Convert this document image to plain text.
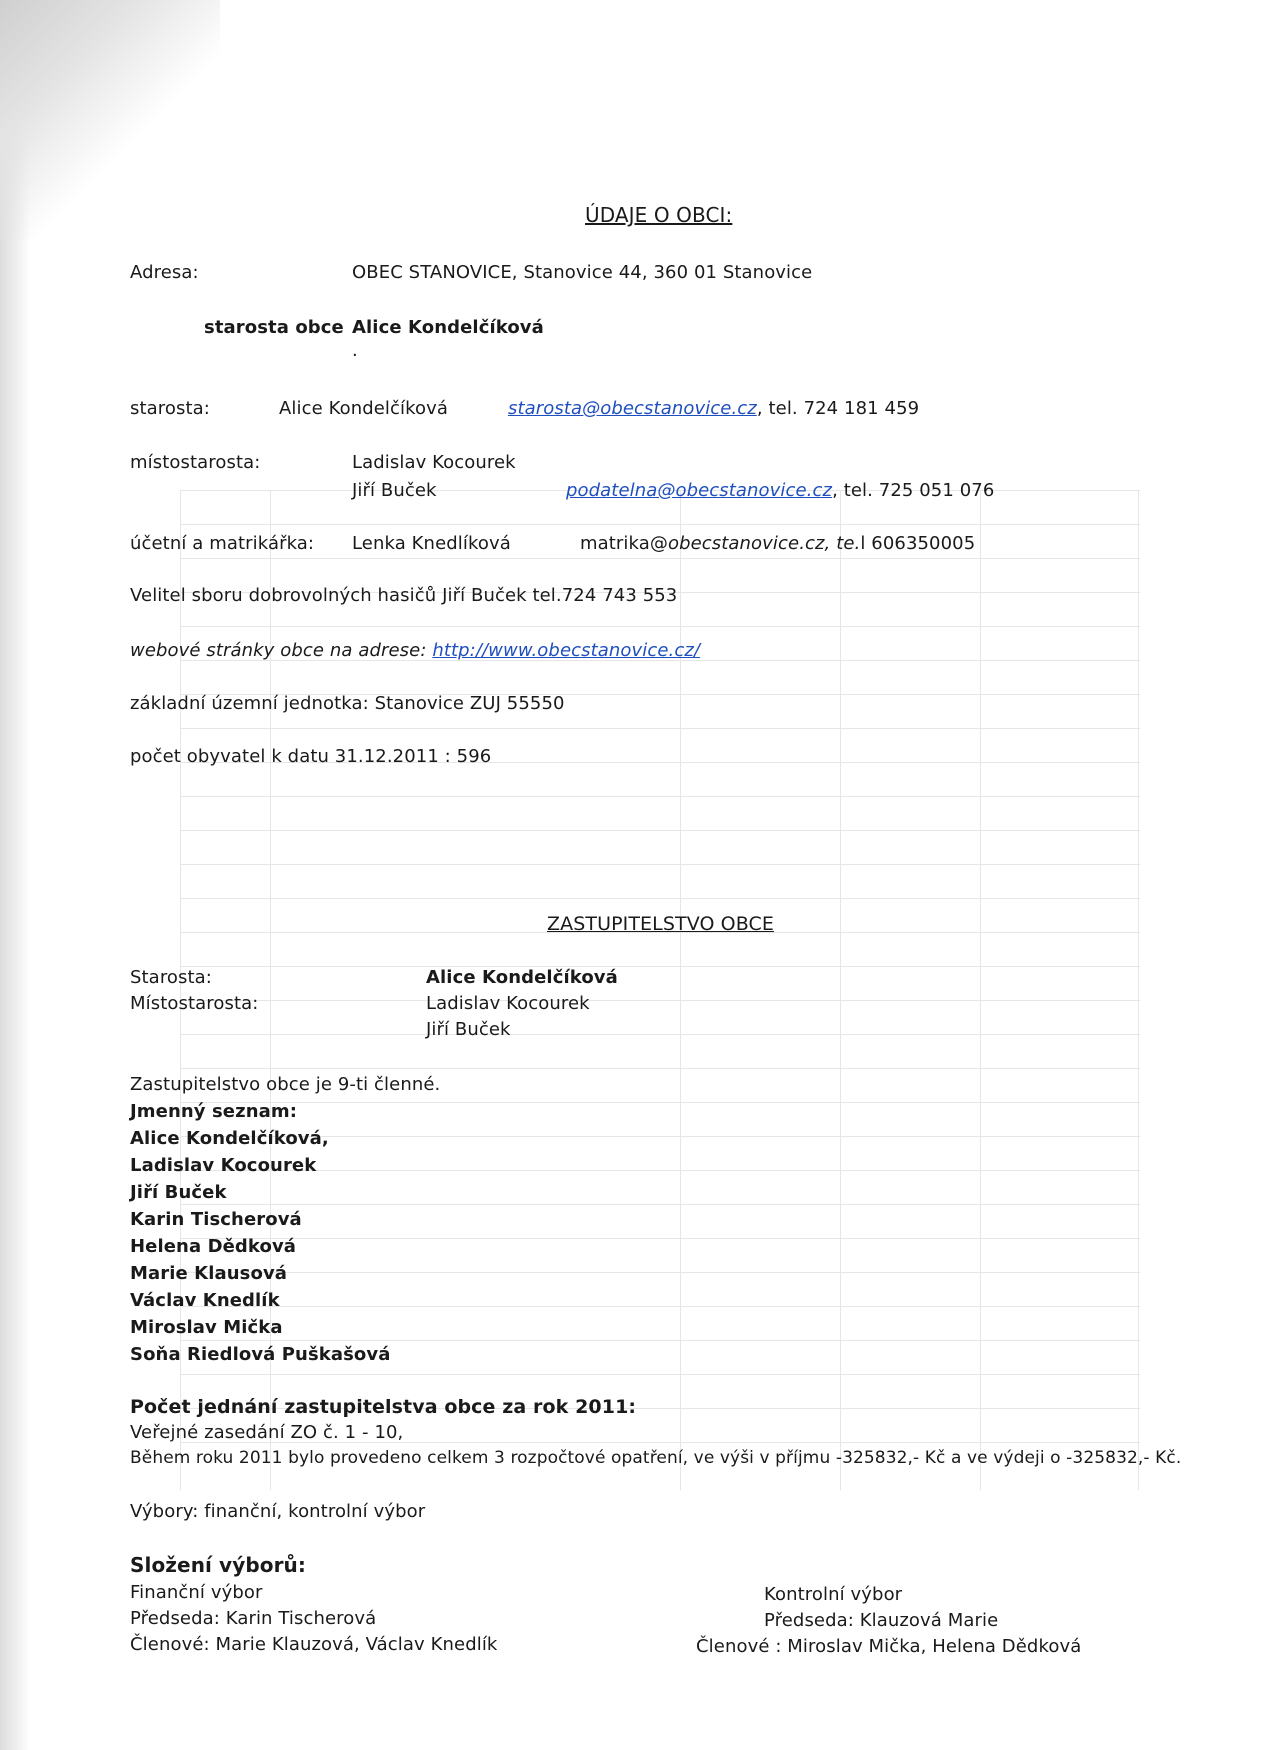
ÚDAJE O OBCI:
Adresa:	OBEC STANOVICE, Stanovice 44, 360 01 Stanovice
starosta obce Alice Kondelčíková
.
starosta:	Alice Kondelčíková	starosta@obecstanovice.cz, tel. 724 181 459
místostarosta:	Ladislav Kocourek
Jiří Buček	podatelna@obecstanovice.cz, tel. 725 051 076
účetní a matrikářka: Lenka Knedlíková	matrika@obecstanovice.cz, te.l 606350005
Velitel sboru dobrovolných hasičů Jiří Buček tel.724 743 553
webové stránky obce na adrese: http://www.obecstanovice.cz/
základní územní jednotka: Stanovice ZUJ 55550
počet obyvatel k datu 31.12.2011 : 596
ZASTUPITELSTVO OBCE
Starosta:	Alice Kondelčíková
Místostarosta:	Ladislav Kocourek
Jiří Buček
Zastupitelstvo obce je 9-ti členné.
Jmenný seznam:
Alice Kondelčíková,
Ladislav Kocourek
Jiří Buček
Karin Tischerová
Helena Dědková
Marie Klausová
Václav Knedlík
Miroslav Mička
Soňa Riedlová Puškašová
Počet jednání zastupitelstva obce za rok 2011:
Veřejné zasedání ZO č. 1 - 10,
Během roku 2011 bylo provedeno celkem 3 rozpočtové opatření, ve výši v příjmu -325832,- Kč a ve výdeji o -325832,- Kč.
Výbory: finanční, kontrolní výbor
Složení výborů:
Finanční výbor
Předseda: Karin Tischerová
Členové: Marie Klauzová, Václav Knedlík
Kontrolní výbor
Předseda: Klauzová Marie
Členové : Miroslav Mička, Helena Dědková
